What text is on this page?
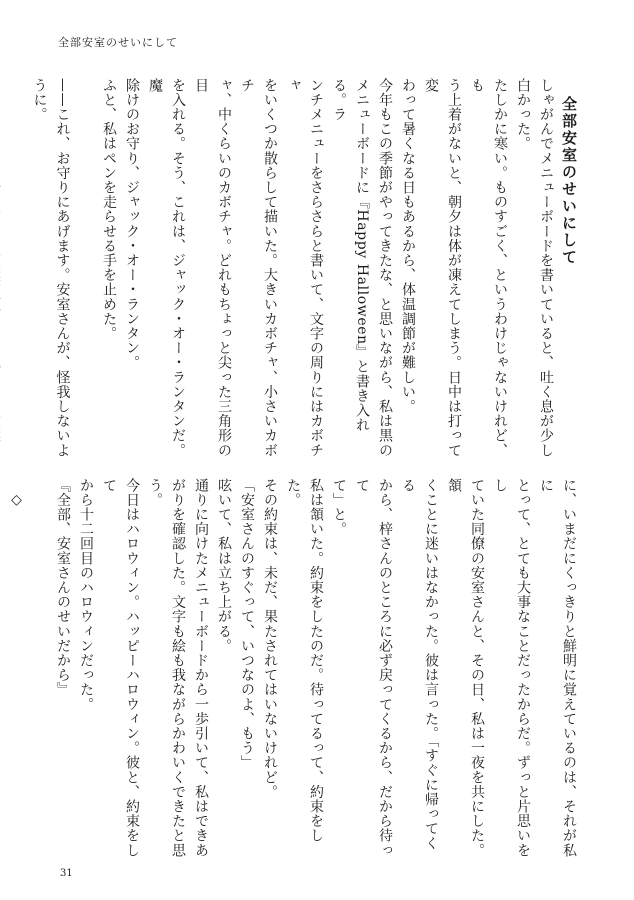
全部安室のせいにして

全部安室のせいにして

しゃがんでメニューボードを書いていると、吐く息が少し
白かった。

たしかに寒い。ものすごく、というわけじゃないけれど、も
う上着がないと、朝夕は体が凍えてしまう。日中は打って変
わって暑くなる日もあるから、体温調節が難しい。

今年もこの季節がやってきたな、と思いながら、私は黒の
メニューボードに『Happy Halloween』と書き入れる。ラ
ンチメニューをさらさらと書いて、文字の周りにはカボチャ
をいくつか散らして描いた。大きいカボチャ、小さいカボチ
ャ、中くらいのカボチャ。どれもちょっと尖った三角形の目
を入れる。そう、これは、ジャック・オー・ランタンだ。魔
除けのお守り、ジャック・オー・ランタン。

ふと、私はペンを走らせる手を止めた。

——これ、お守りにあげます。安室さんが、怪我しないよ
うに。

に、いまだにくっきりと鮮明に覚えているのは、それが私に
とって、とても大事なことだったからだ。ずっと片思いをし
ていた同僚の安室さんと、その日、私は一夜を共にした。頷
くことに迷いはなかった。彼は言った。「すぐに帰ってくる
から、梓さんのところに必ず戻ってくるから、だから待って
て」と。

私は頷いた。約束をしたのだ。待ってるって、約束をした。
その約束は、未だ、果たされてはいないけれど。

「安室さんのすぐって、いつなのよ、もう」

呟いて、私は立ち上がる。

通りに向けたメニューボードから一歩引いて、私はできあ
がりを確認した。文字も絵も我ながらかわいくできたと思う。
今日はハロウィン。ハッピーハロウィン。彼と、約束をして
から十二回目のハロウィンだった。

『全部、安室さんのせいだから』

◇

31
